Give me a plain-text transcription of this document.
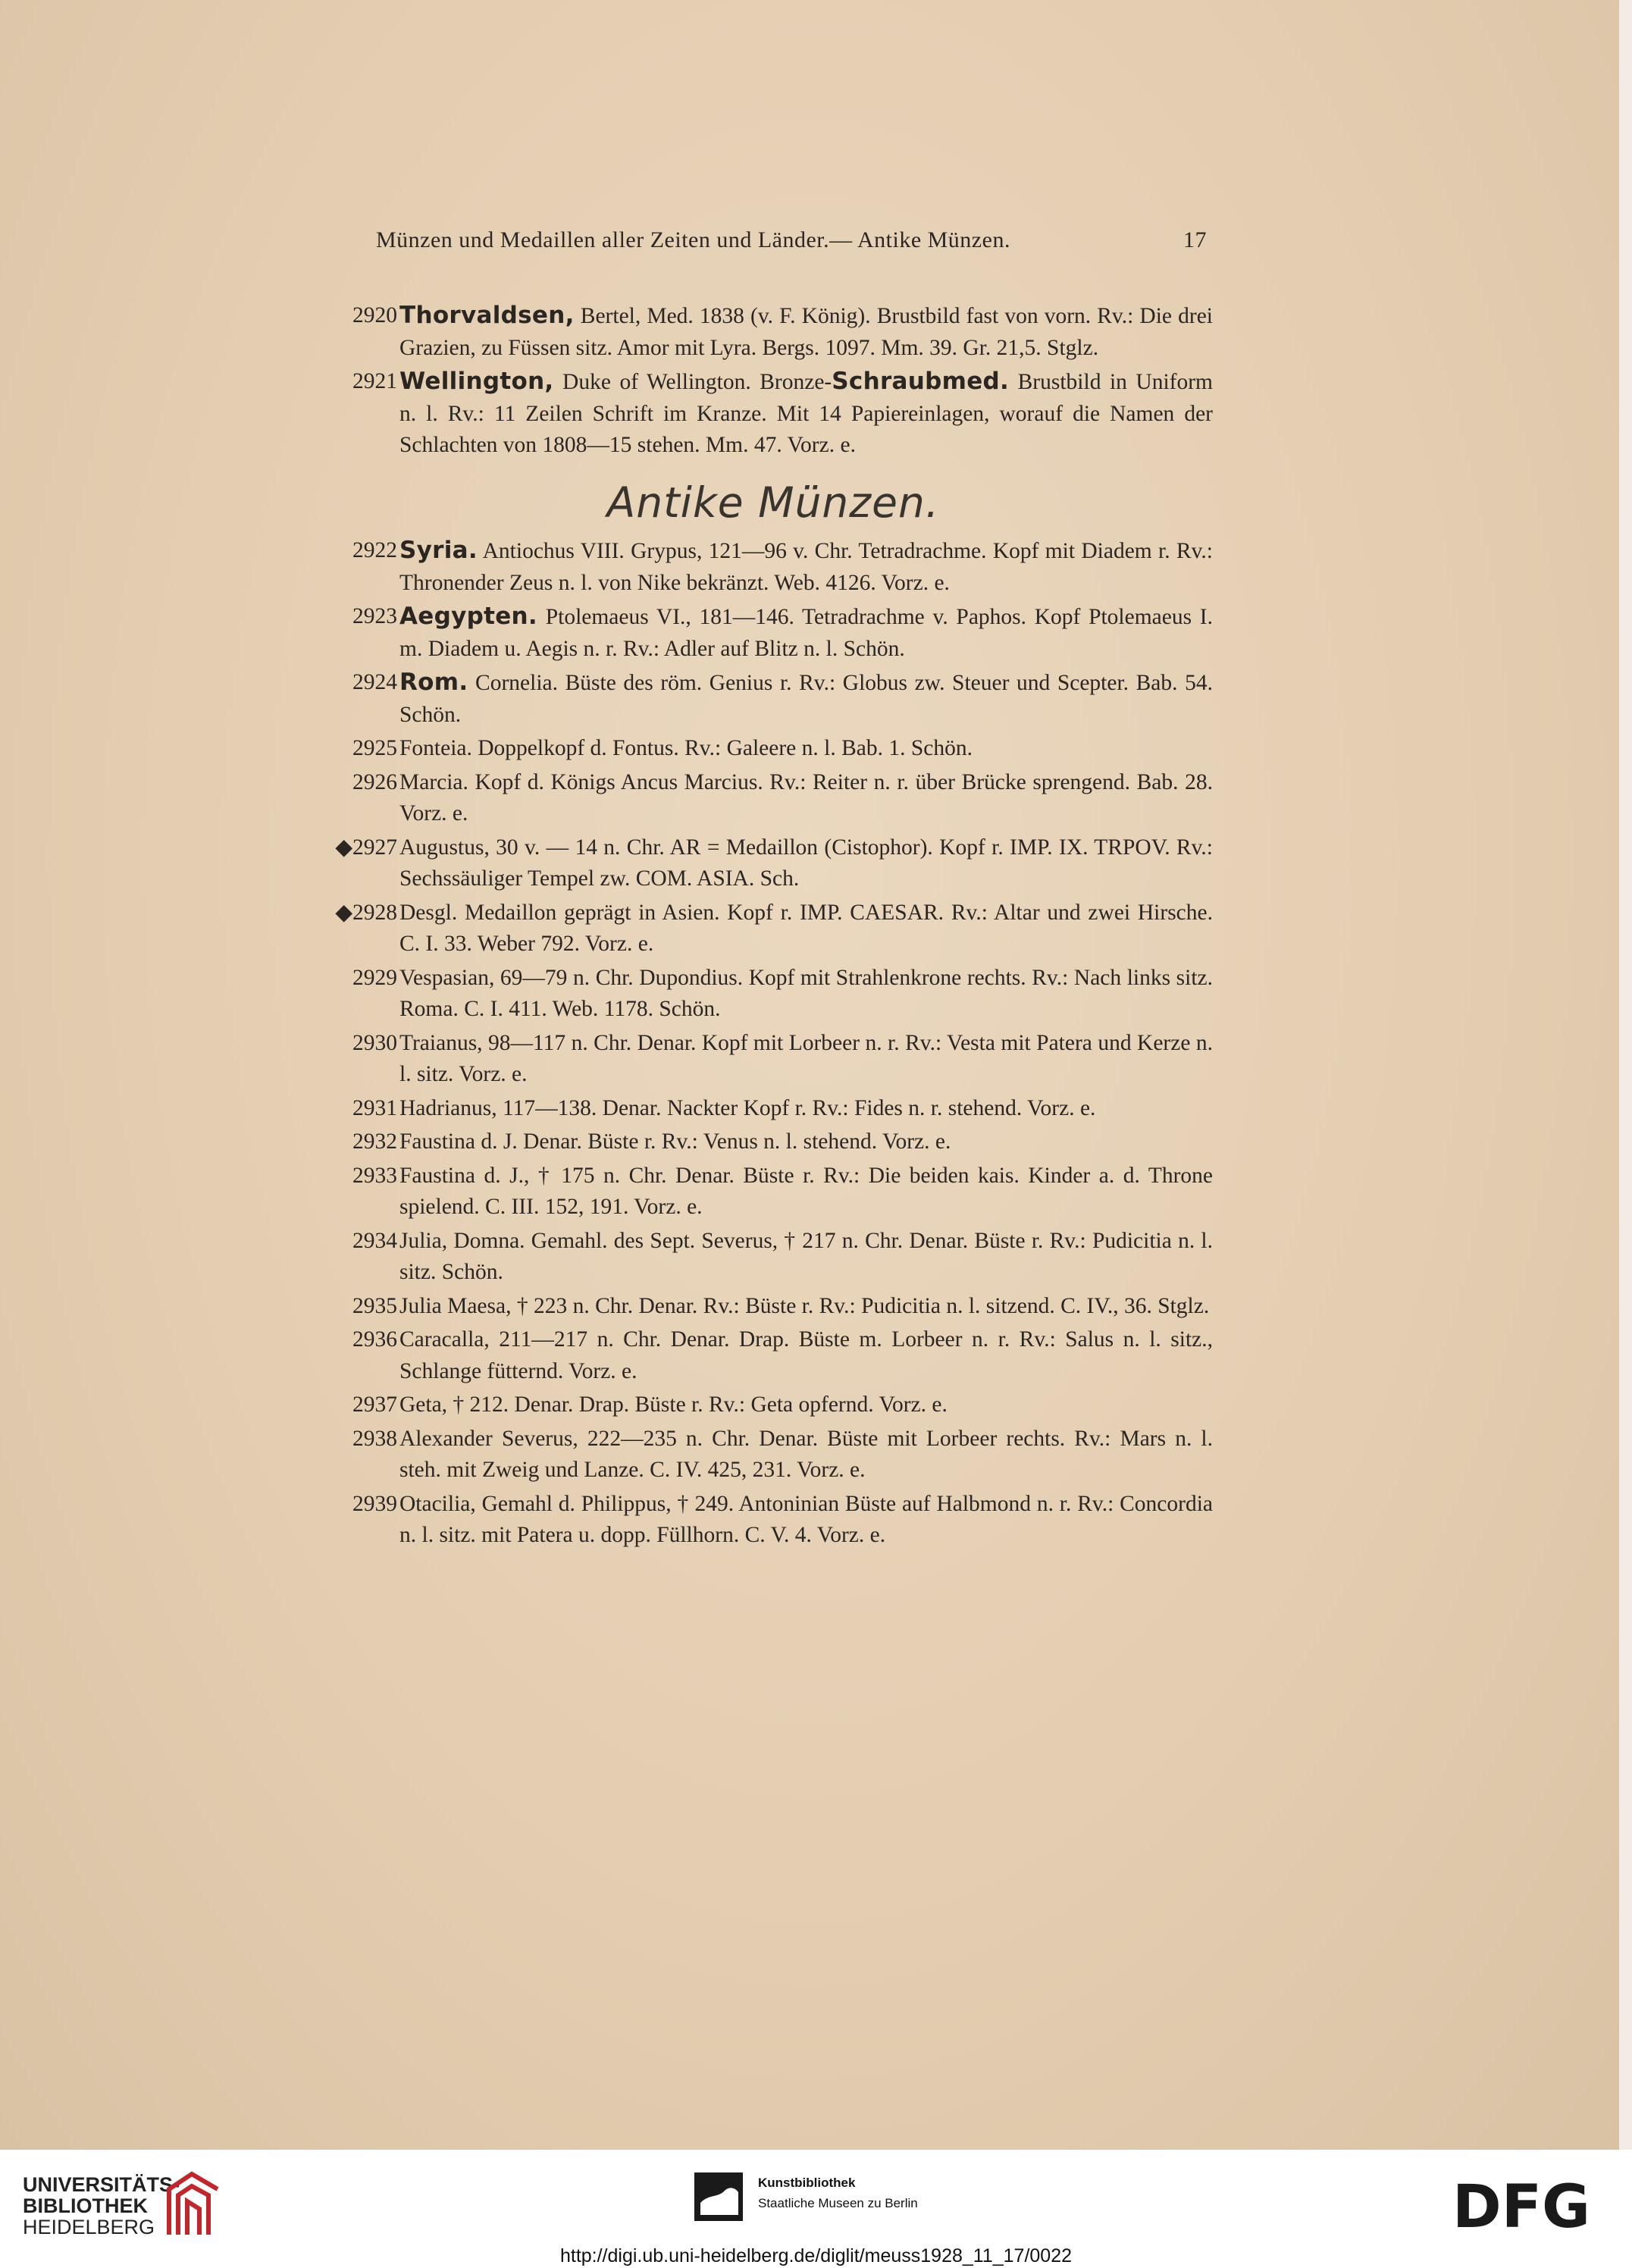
Münzen und Medaillen aller Zeiten und Länder.— Antike Münzen.	17
2920 Thorvaldsen, Bertel, Med. 1838 (v. F. König). Brustbild fast von vorn. Rv.: Die drei Grazien, zu Füssen sitz. Amor mit Lyra. Bergs. 1097. Mm. 39. Gr. 21,5. Stglz.
2921 Wellington, Duke of Wellington. Bronze-Schraubmed. Brustbild in Uniform n. l. Rv.: 11 Zeilen Schrift im Kranze. Mit 14 Papiereinlagen, worauf die Namen der Schlachten von 1808—15 stehen. Mm. 47. Vorz. e.
Antike Münzen.
2922 Syria. Antiochus VIII. Grypus, 121—96 v. Chr. Tetradrachme. Kopf mit Diadem r. Rv.: Thronender Zeus n. l. von Nike bekränzt. Web. 4126. Vorz. e.
2923 Aegypten. Ptolemaeus VI., 181—146. Tetradrachme v. Paphos. Kopf Ptolemaeus I. m. Diadem u. Aegis n. r. Rv.: Adler auf Blitz n. l. Schön.
2924 Rom. Cornelia. Büste des röm. Genius r. Rv.: Globus zw. Steuer und Scepter. Bab. 54. Schön.
2925 Fonteia. Doppelkopf d. Fontus. Rv.: Galeere n. l. Bab. 1. Schön.
2926 Marcia. Kopf d. Königs Ancus Marcius. Rv.: Reiter n. r. über Brücke sprengend. Bab. 28. Vorz. e.
◆2927 Augustus, 30 v. — 14 n. Chr. AR = Medaillon (Cistophor). Kopf r. IMP. IX. TRPOV. Rv.: Sechssäuliger Tempel zw. COM. ASIA. Sch.
◆2928 Desgl. Medaillon geprägt in Asien. Kopf r. IMP. CAESAR. Rv.: Altar und zwei Hirsche. C. I. 33. Weber 792. Vorz. e.
2929 Vespasian, 69—79 n. Chr. Dupondius. Kopf mit Strahlenkrone rechts. Rv.: Nach links sitz. Roma. C. I. 411. Web. 1178. Schön.
2930 Traianus, 98—117 n. Chr. Denar. Kopf mit Lorbeer n. r. Rv.: Vesta mit Patera und Kerze n. l. sitz. Vorz. e.
2931 Hadrianus, 117—138. Denar. Nackter Kopf r. Rv.: Fides n. r. stehend. Vorz. e.
2932 Faustina d. J. Denar. Büste r. Rv.: Venus n. l. stehend. Vorz. e.
2933 Faustina d. J., † 175 n. Chr. Denar. Büste r. Rv.: Die beiden kais. Kinder a. d. Throne spielend. C. III. 152, 191. Vorz. e.
2934 Julia, Domna. Gemahl. des Sept. Severus, † 217 n. Chr. Denar. Büste r. Rv.: Pudicitia n. l. sitz. Schön.
2935 Julia Maesa, † 223 n. Chr. Denar. Rv.: Büste r. Rv.: Pudicitia n. l. sitzend. C. IV., 36. Stglz.
2936 Caracalla, 211—217 n. Chr. Denar. Drap. Büste m. Lorbeer n. r. Rv.: Salus n. l. sitz., Schlange fütternd. Vorz. e.
2937 Geta, † 212. Denar. Drap. Büste r. Rv.: Geta opfernd. Vorz. e.
2938 Alexander Severus, 222—235 n. Chr. Denar. Büste mit Lorbeer rechts. Rv.: Mars n. l. steh. mit Zweig und Lanze. C. IV. 425, 231. Vorz. e.
2939 Otacilia, Gemahl d. Philippus, † 249. Antoninian Büste auf Halbmond n. r. Rv.: Concordia n. l. sitz. mit Patera u. dopp. Füllhorn. C. V. 4. Vorz. e.
UNIVERSITÄTS-
BIBLIOTHEK
HEIDELBERG
Kunstbibliothek
Staatliche Museen zu Berlin	DFG
http://digi.ub.uni-heidelberg.de/diglit/meuss1928_11_17/0022
